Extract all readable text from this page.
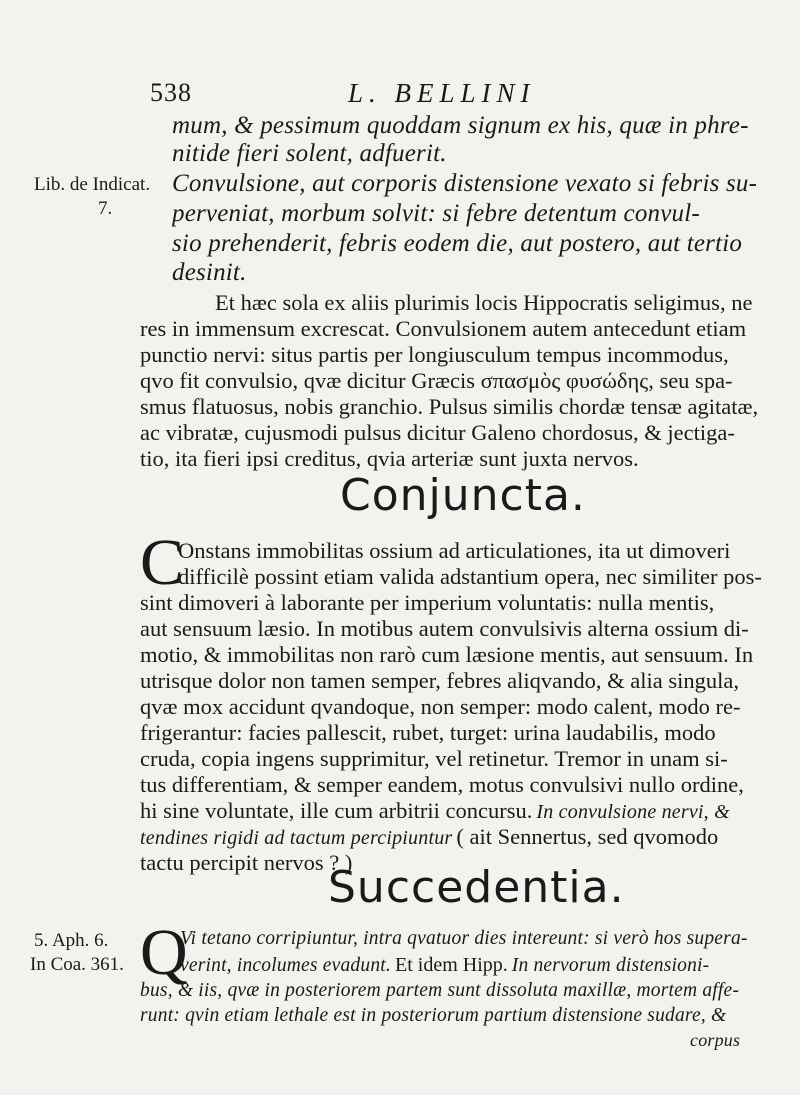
538	L. BELLINI
mum, & pessimum quoddam signum ex his, quæ in phre-
nitide fieri solent, adfuerit.
Lib. de Indicat.
7.
Convulsione, aut corporis distensione vexato si febris su-
perveniat, morbum solvit: si febre detentum convul-
sio prehenderit, febris eodem die, aut postero, aut tertio
desinit.
Et hæc sola ex aliis plurimis locis Hippocratis seligimus, ne
res in immensum excrescat. Convulsionem autem antecedunt etiam
punctio nervi: situs partis per longiusculum tempus incommodus,
qvo fit convulsio, qvæ dicitur Græcis σπασμὸς φυσώδης, seu spa-
smus flatuosus, nobis granchio. Pulsus similis chordæ tensæ agitatæ,
ac vibratæ, cujusmodi pulsus dicitur Galeno chordosus, & jectiga-
tio, ita fieri ipsi creditus, qvia arteriæ sunt juxta nervos.
Conjuncta.
C
Onstans immobilitas ossium ad articulationes, ita ut dimoveri
difficilè possint etiam valida adstantium opera, nec similiter pos-
sint dimoveri à laborante per imperium voluntatis: nulla mentis,
aut sensuum læsio. In motibus autem convulsivis alterna ossium di-
motio, & immobilitas non rarò cum læsione mentis, aut sensuum. In
utrisque dolor non tamen semper, febres aliqvando, & alia singula,
qvæ mox accidunt qvandoque, non semper: modo calent, modo re-
frigerantur: facies pallescit, rubet, turget: urina laudabilis, modo
cruda, copia ingens supprimitur, vel retinetur. Tremor in unam si-
tus differentiam, & semper eandem, motus convulsivi nullo ordine,
hi sine voluntate, ille cum arbitrii concursu. In convulsione nervi, &
tendines rigidi ad tactum percipiuntur ( ait Sennertus, sed qvomodo
tactu percipit nervos ? )
Succedentia.
5. Aph. 6.
In Coa. 361. Q
Vi tetano corripiuntur, intra qvatuor dies intereunt: si verò hos supera-
verint, incolumes evadunt. Et idem Hipp. In nervorum distensioni-
bus, & iis, qvæ in posteriorem partem sunt dissoluta maxillæ, mortem affe-
runt: qvin etiam lethale est in posteriorum partium distensione sudare, &
corpus
